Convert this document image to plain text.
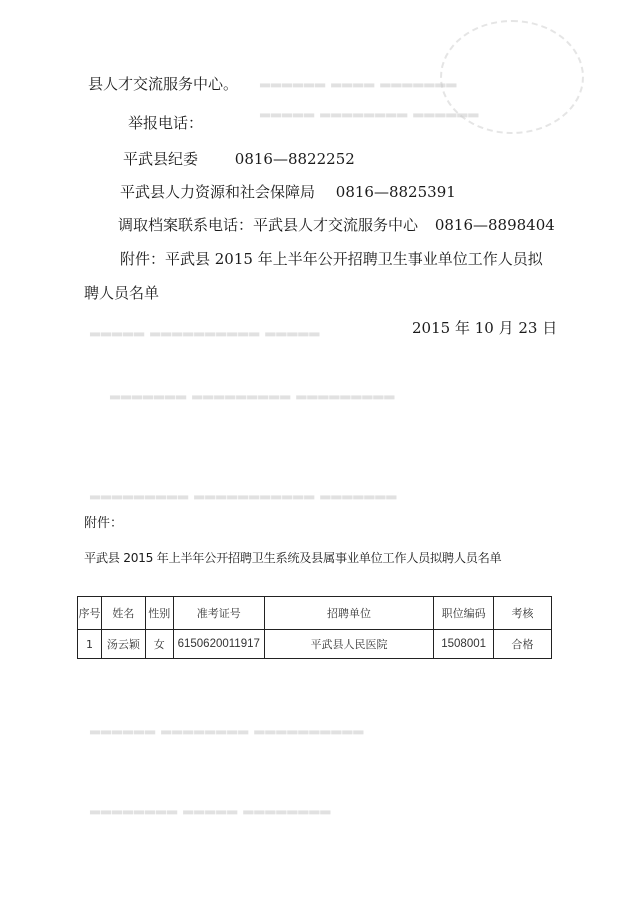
▂▂▂▂▂▂ ▂▂▂▂ ▂▂▂▂▂▂▂
▂▂▂▂▂ ▂▂▂▂▂▂▂▂ ▂▂▂▂▂▂
▂▂▂▂▂ ▂▂▂▂▂▂▂▂▂▂ ▂▂▂▂▂
▂▂▂▂▂▂▂ ▂▂▂▂▂▂▂▂▂ ▂▂▂▂▂▂▂▂▂
▂▂▂▂▂▂▂▂▂ ▂▂▂▂▂▂▂▂▂▂▂ ▂▂▂▂▂▂▂
▂▂▂▂▂▂ ▂▂▂▂▂▂▂▂ ▂▂▂▂▂▂▂▂▂▂
▂▂▂▂▂▂▂▂ ▂▂▂▂▂ ▂▂▂▂▂▂▂▂
县人才交流服务中心。
举报电话：
平武县纪委 0816—8822252
平武县人力资源和社会保障局 0816—8825391
调取档案联系电话：平武县人才交流服务中心 0816—8898404
附件：平武县 2015 年上半年公开招聘卫生事业单位工作人员拟
聘人员名单
2015 年 10 月 23 日
附件：
平武县 2015 年上半年公开招聘卫生系统及县属事业单位工作人员拟聘人员名单
序号	姓名	性别	准考证号	招聘单位	职位编码	考核
1	汤云颖	女	6150620011917	平武县人民医院	1508001	合格
